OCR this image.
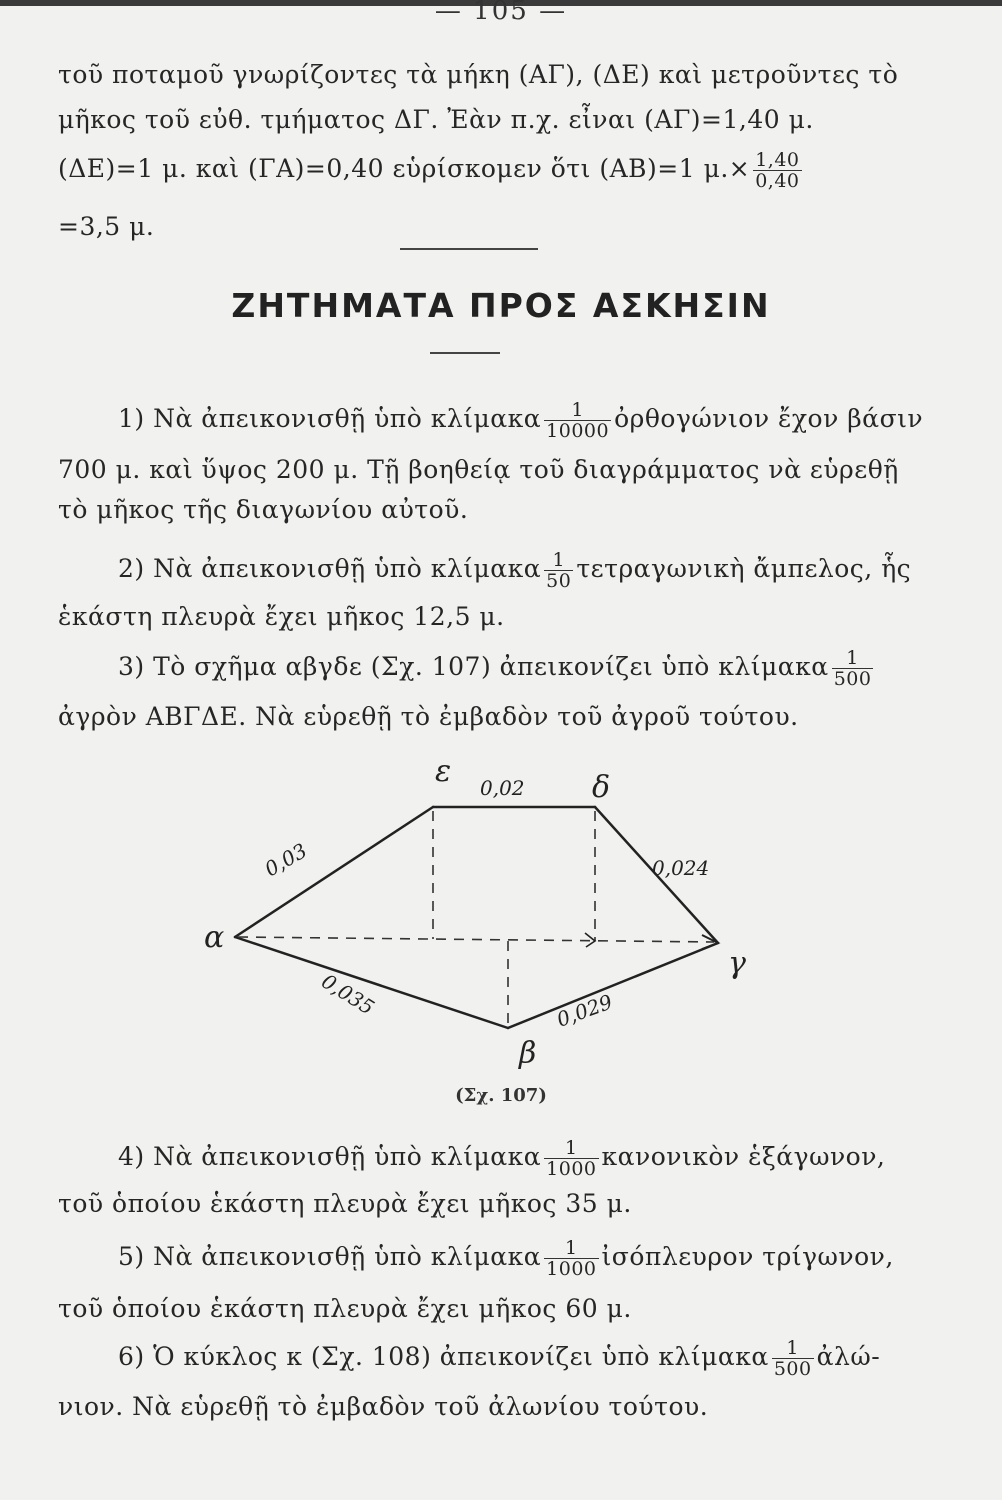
— 105 —
τοῦ ποταμοῦ γνωρίζοντες τὰ μήκη (ΑΓ), (ΔΕ) καὶ μετροῦντες τὸ
μῆκος τοῦ εὐθ. τμήματος ΔΓ. Ἐὰν π.χ. εἶναι (ΑΓ)=1,40 μ.
(ΔΕ)=1 μ. καὶ (ΓΑ)=0,40 εὑρίσκομεν ὅτι (ΑΒ)=1 $\mu.\times \frac{1,40}{0,40}$
=3,5 μ.
ΖΗΤΗΜΑΤΑ ΠΡΟΣ ΑΣΚΗΣΙΝ
1) Νὰ ἀπεικονισθῇ ὑπὸ κλίμακα $\frac{1}{10000}$ ὀρθογώνιον ἔχον βάσιν
700 μ. καὶ ὕψος 200 μ. Τῇ βοηθείᾳ τοῦ διαγράμματος νὰ εὑρεθῇ
τὸ μῆκος τῆς διαγωνίου αὐτοῦ.
2) Νὰ ἀπεικονισθῇ ὑπὸ κλίμακα $\frac{1}{50}$ τετραγωνικὴ ἄμπελος, ἧς
ἑκάστη πλευρὰ ἔχει μῆκος 12,5 μ.
3) Τὸ σχῆμα αβγδε (Σχ. 107) ἀπεικονίζει ὑπὸ κλίμακα $\frac{1}{500}$
ἀγρὸν ΑΒΓΔΕ. Νὰ εὑρεθῇ τὸ ἐμβαδὸν τοῦ ἀγροῦ τούτου.
α
β
γ
δ
ε 0,02
0,03	0,024
0,035	0,029
(Σχ. 107)
4) Νὰ ἀπεικονισθῇ ὑπὸ κλίμακα $\frac{1}{1000}$ κανονικὸν ἑξάγωνον,
τοῦ ὁποίου ἑκάστη πλευρὰ ἔχει μῆκος 35 μ.
5) Νὰ ἀπεικονισθῇ ὑπὸ κλίμακα $\frac{1}{1000}$ ἰσόπλευρον τρίγωνον,
τοῦ ὁποίου ἑκάστη πλευρὰ ἔχει μῆκος 60 μ.
6) Ὁ κύκλος κ (Σχ. 108) ἀπεικονίζει ὑπὸ κλίμακα $\frac{1}{500}$ ἀλώ-
νιον. Νὰ εὑρεθῇ τὸ ἐμβαδὸν τοῦ ἀλωνίου τούτου.
